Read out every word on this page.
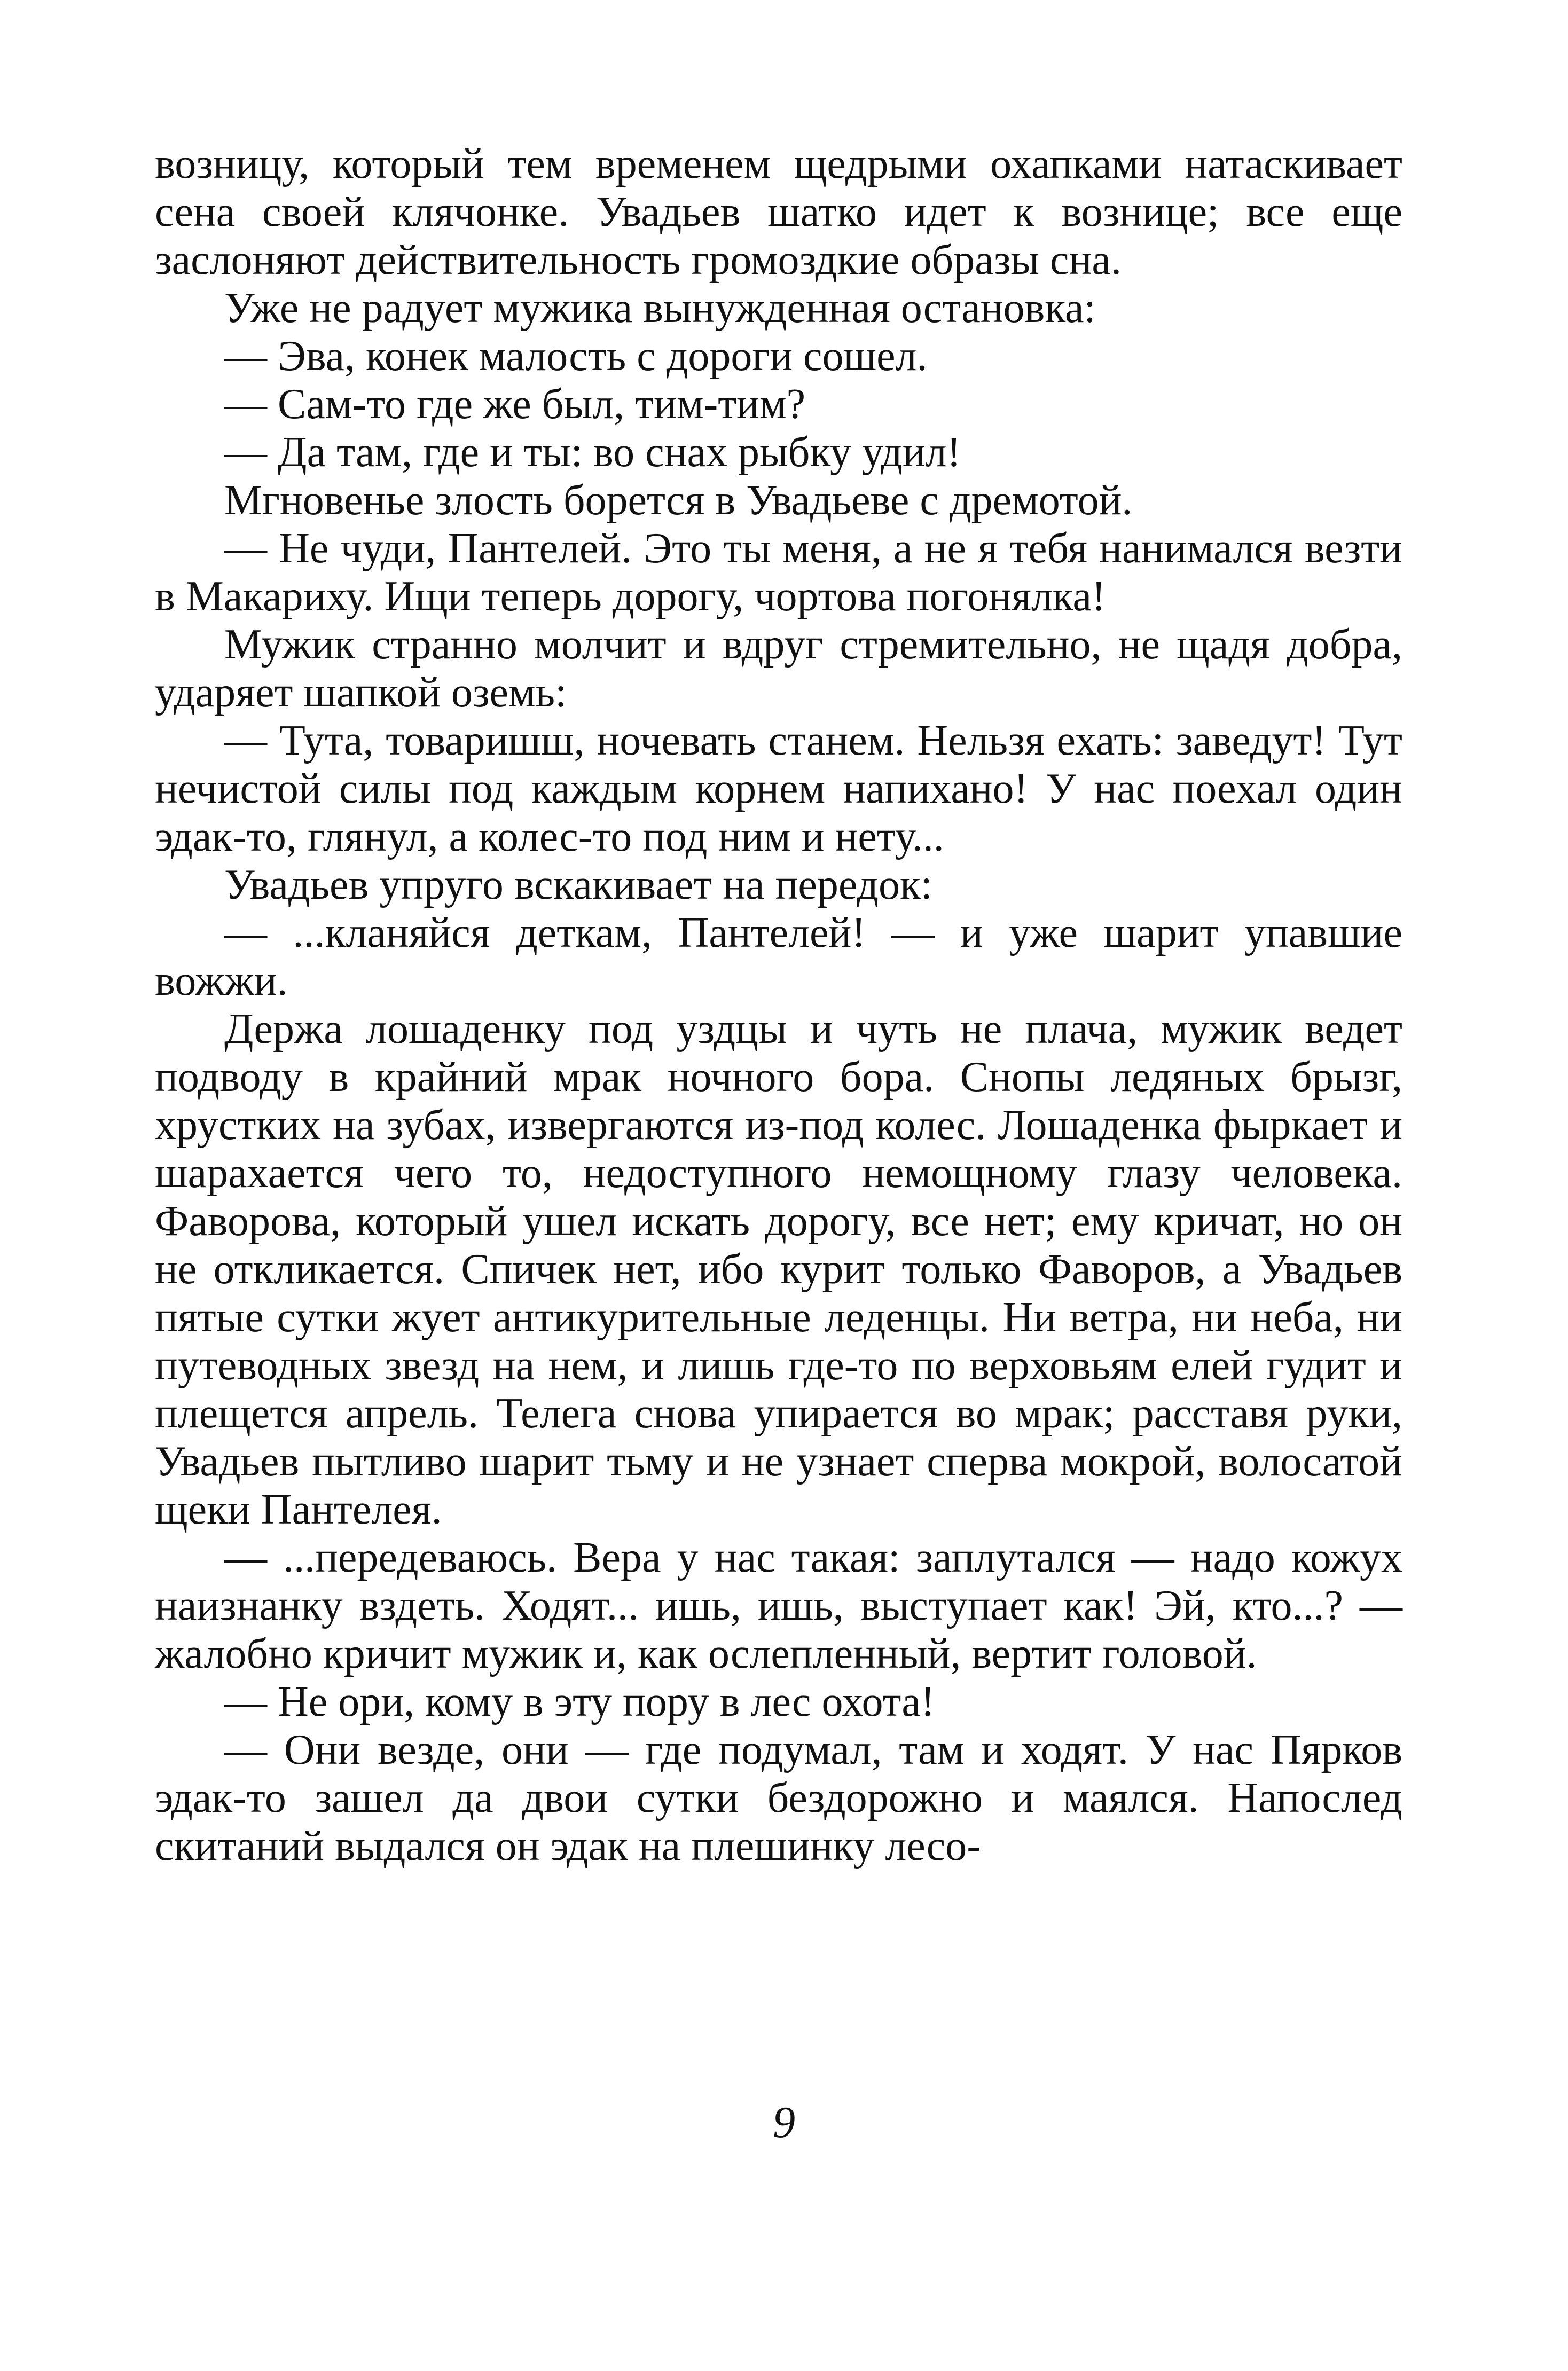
возницу, который тем временем щедрыми охапками натаскивает сена своей клячонке. Увадьев шатко идет к вознице; все еще заслоняют действительность громоздкие образы сна.

Уже не радует мужика вынужденная остановка:

— Эва, конек малость с дороги сошел.

— Сам-то где же был, тим-тим?

— Да там, где и ты: во снах рыбку удил!

Мгновенье злость борется в Увадьеве с дремотой.

— Не чуди, Пантелей. Это ты меня, а не я тебя нанимался везти в Макариху. Ищи теперь дорогу, чортова погонялка!

Мужик странно молчит и вдруг стремительно, не щадя добра, ударяет шапкой оземь:

— Тута, товаришш, ночевать станем. Нельзя ехать: заведут! Тут нечистой силы под каждым корнем напихано! У нас поехал один эдак-то, глянул, а колес-то под ним и нету...

Увадьев упруго вскакивает на передок:

— ...кланяйся деткам, Пантелей! — и уже шарит упавшие вожжи.

Держа лошаденку под уздцы и чуть не плача, мужик ведет подводу в крайний мрак ночного бора. Снопы ледяных брызг, хрустких на зубах, извергаются из-под колес. Лошаденка фыркает и шарахается чего то, недоступного немощному глазу человека. Фаворова, который ушел искать дорогу, все нет; ему кричат, но он не откликается. Спичек нет, ибо курит только Фаворов, а Увадьев пятые сутки жует антикурительные леденцы. Ни ветра, ни неба, ни путеводных звезд на нем, и лишь где-то по верховьям елей гудит и плещется апрель. Телега снова упирается во мрак; расставя руки, Увадьев пытливо шарит тьму и не узнает сперва мокрой, волосатой щеки Пантелея.

— ...передеваюсь. Вера у нас такая: заплутался — надо кожух наизнанку вздеть. Ходят... ишь, ишь, выступает как! Эй, кто...? — жалобно кричит мужик и, как ослепленный, вертит головой.

— Не ори, кому в эту пору в лес охота!

— Они везде, они — где подумал, там и ходят. У нас Пярков эдак-то зашел да двои сутки бездорожно и маялся. Напослед скитаний выдался он эдак на плешинку лесо-

9
